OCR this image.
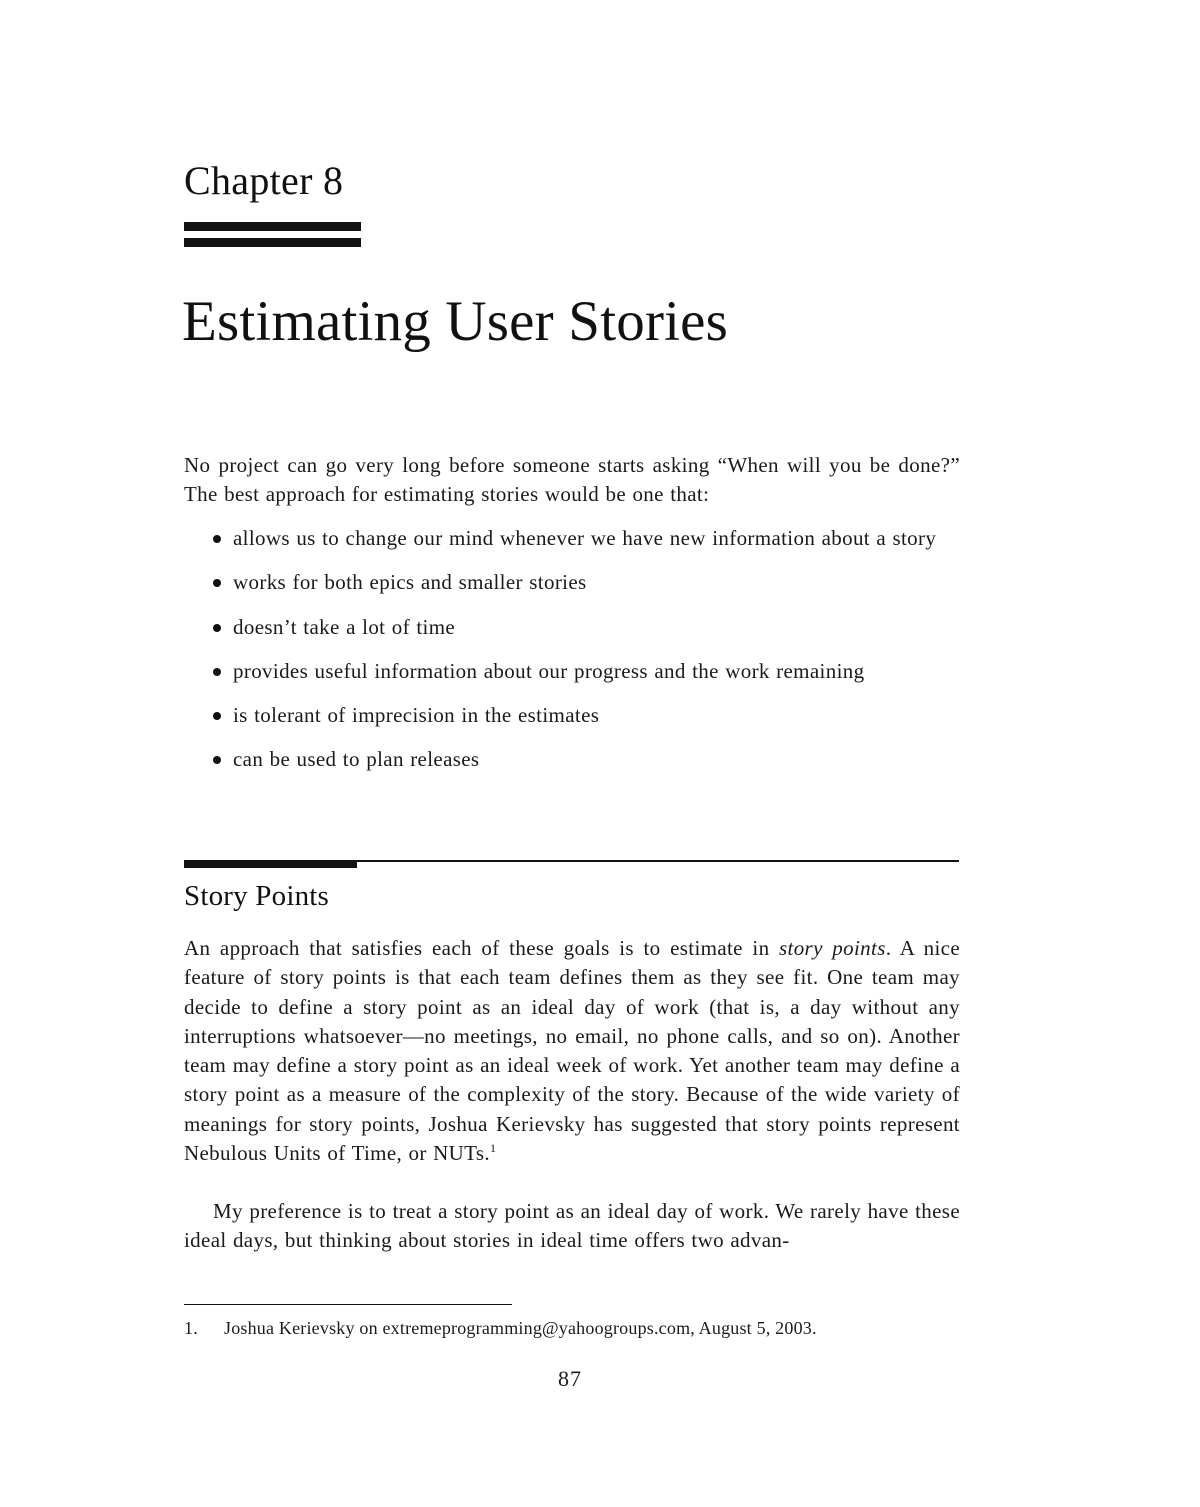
Chapter 8
Estimating User Stories

No project can go very long before someone starts asking “When will you be done?” The best approach for estimating stories would be one that:

allows us to change our mind whenever we have new information about a story
works for both epics and smaller stories
doesn’t take a lot of time
provides useful information about our progress and the work remaining
is tolerant of imprecision in the estimates
can be used to plan releases
Story Points

An approach that satisfies each of these goals is to estimate in story points. A nice feature of story points is that each team defines them as they see fit. One team may decide to define a story point as an ideal day of work (that is, a day without any interruptions whatsoever—no meetings, no email, no phone calls, and so on). Another team may define a story point as an ideal week of work. Yet another team may define a story point as a measure of the complexity of the story. Because of the wide variety of meanings for story points, Joshua Kerievsky has suggested that story points represent Nebulous Units of Time, or NUTs.$^1$

My preference is to treat a story point as an ideal day of work. We rarely have these ideal days, but thinking about stories in ideal time offers two advan-

1. Joshua Kerievsky on extremeprogramming@yahoogroups.com, August 5, 2003.

87
